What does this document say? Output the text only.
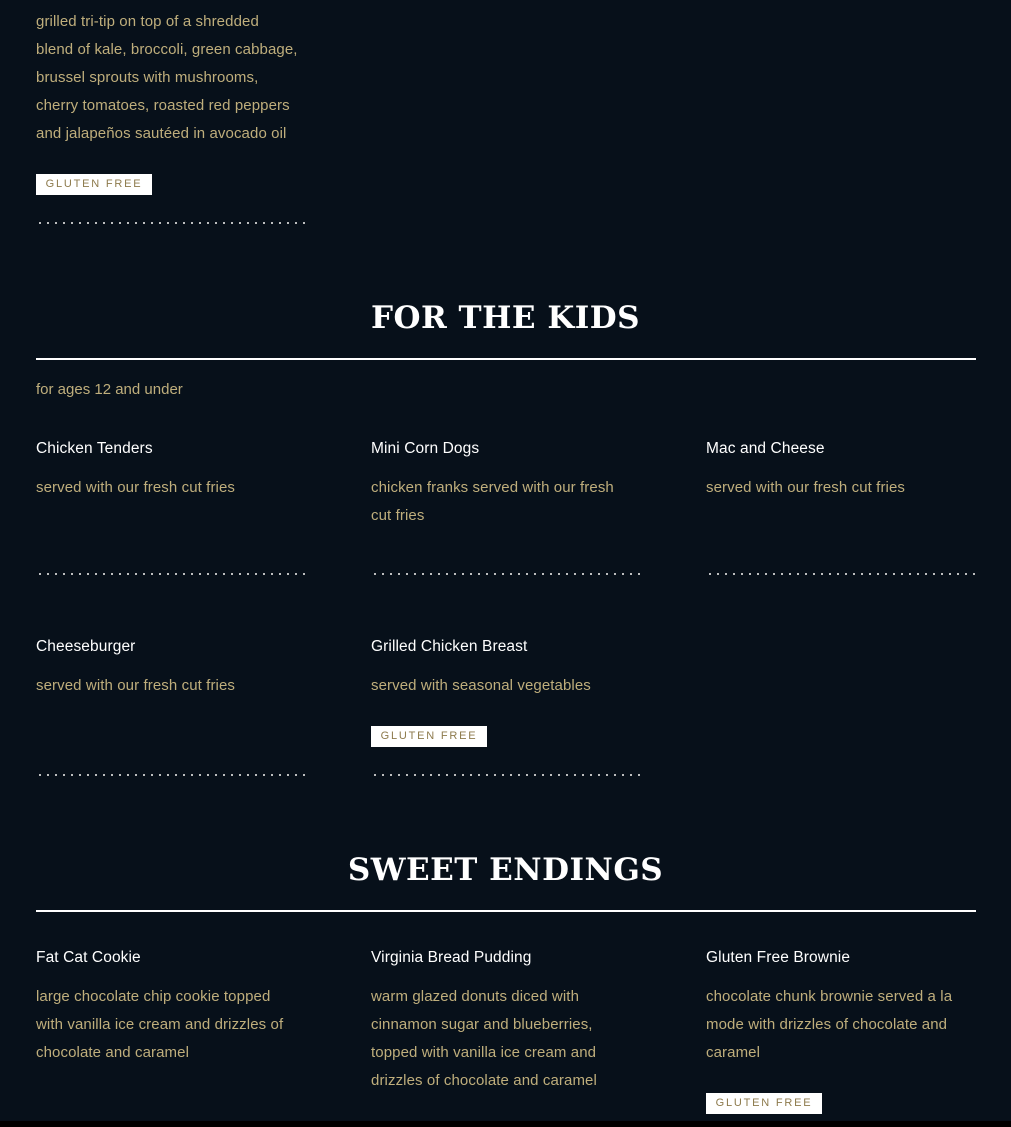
grilled tri-tip on top of a shredded
blend of kale, broccoli, green cabbage,
brussel sprouts with mushrooms,
cherry tomatoes, roasted red peppers
and jalapeños sautéed in avocado oil
GLUTEN FREE
FOR THE KIDS
for ages 12 and under
Chicken Tenders
served with our fresh cut fries
Mini Corn Dogs
chicken franks served with our fresh
cut fries
Mac and Cheese
served with our fresh cut fries
Cheeseburger
served with our fresh cut fries
Grilled Chicken Breast
served with seasonal vegetables
GLUTEN FREE
SWEET ENDINGS
Fat Cat Cookie
large chocolate chip cookie topped
with vanilla ice cream and drizzles of
chocolate and caramel
Virginia Bread Pudding
warm glazed donuts diced with
cinnamon sugar and blueberries,
topped with vanilla ice cream and
drizzles of chocolate and caramel
Gluten Free Brownie
chocolate chunk brownie served a la
mode with drizzles of chocolate and
caramel
GLUTEN FREE
